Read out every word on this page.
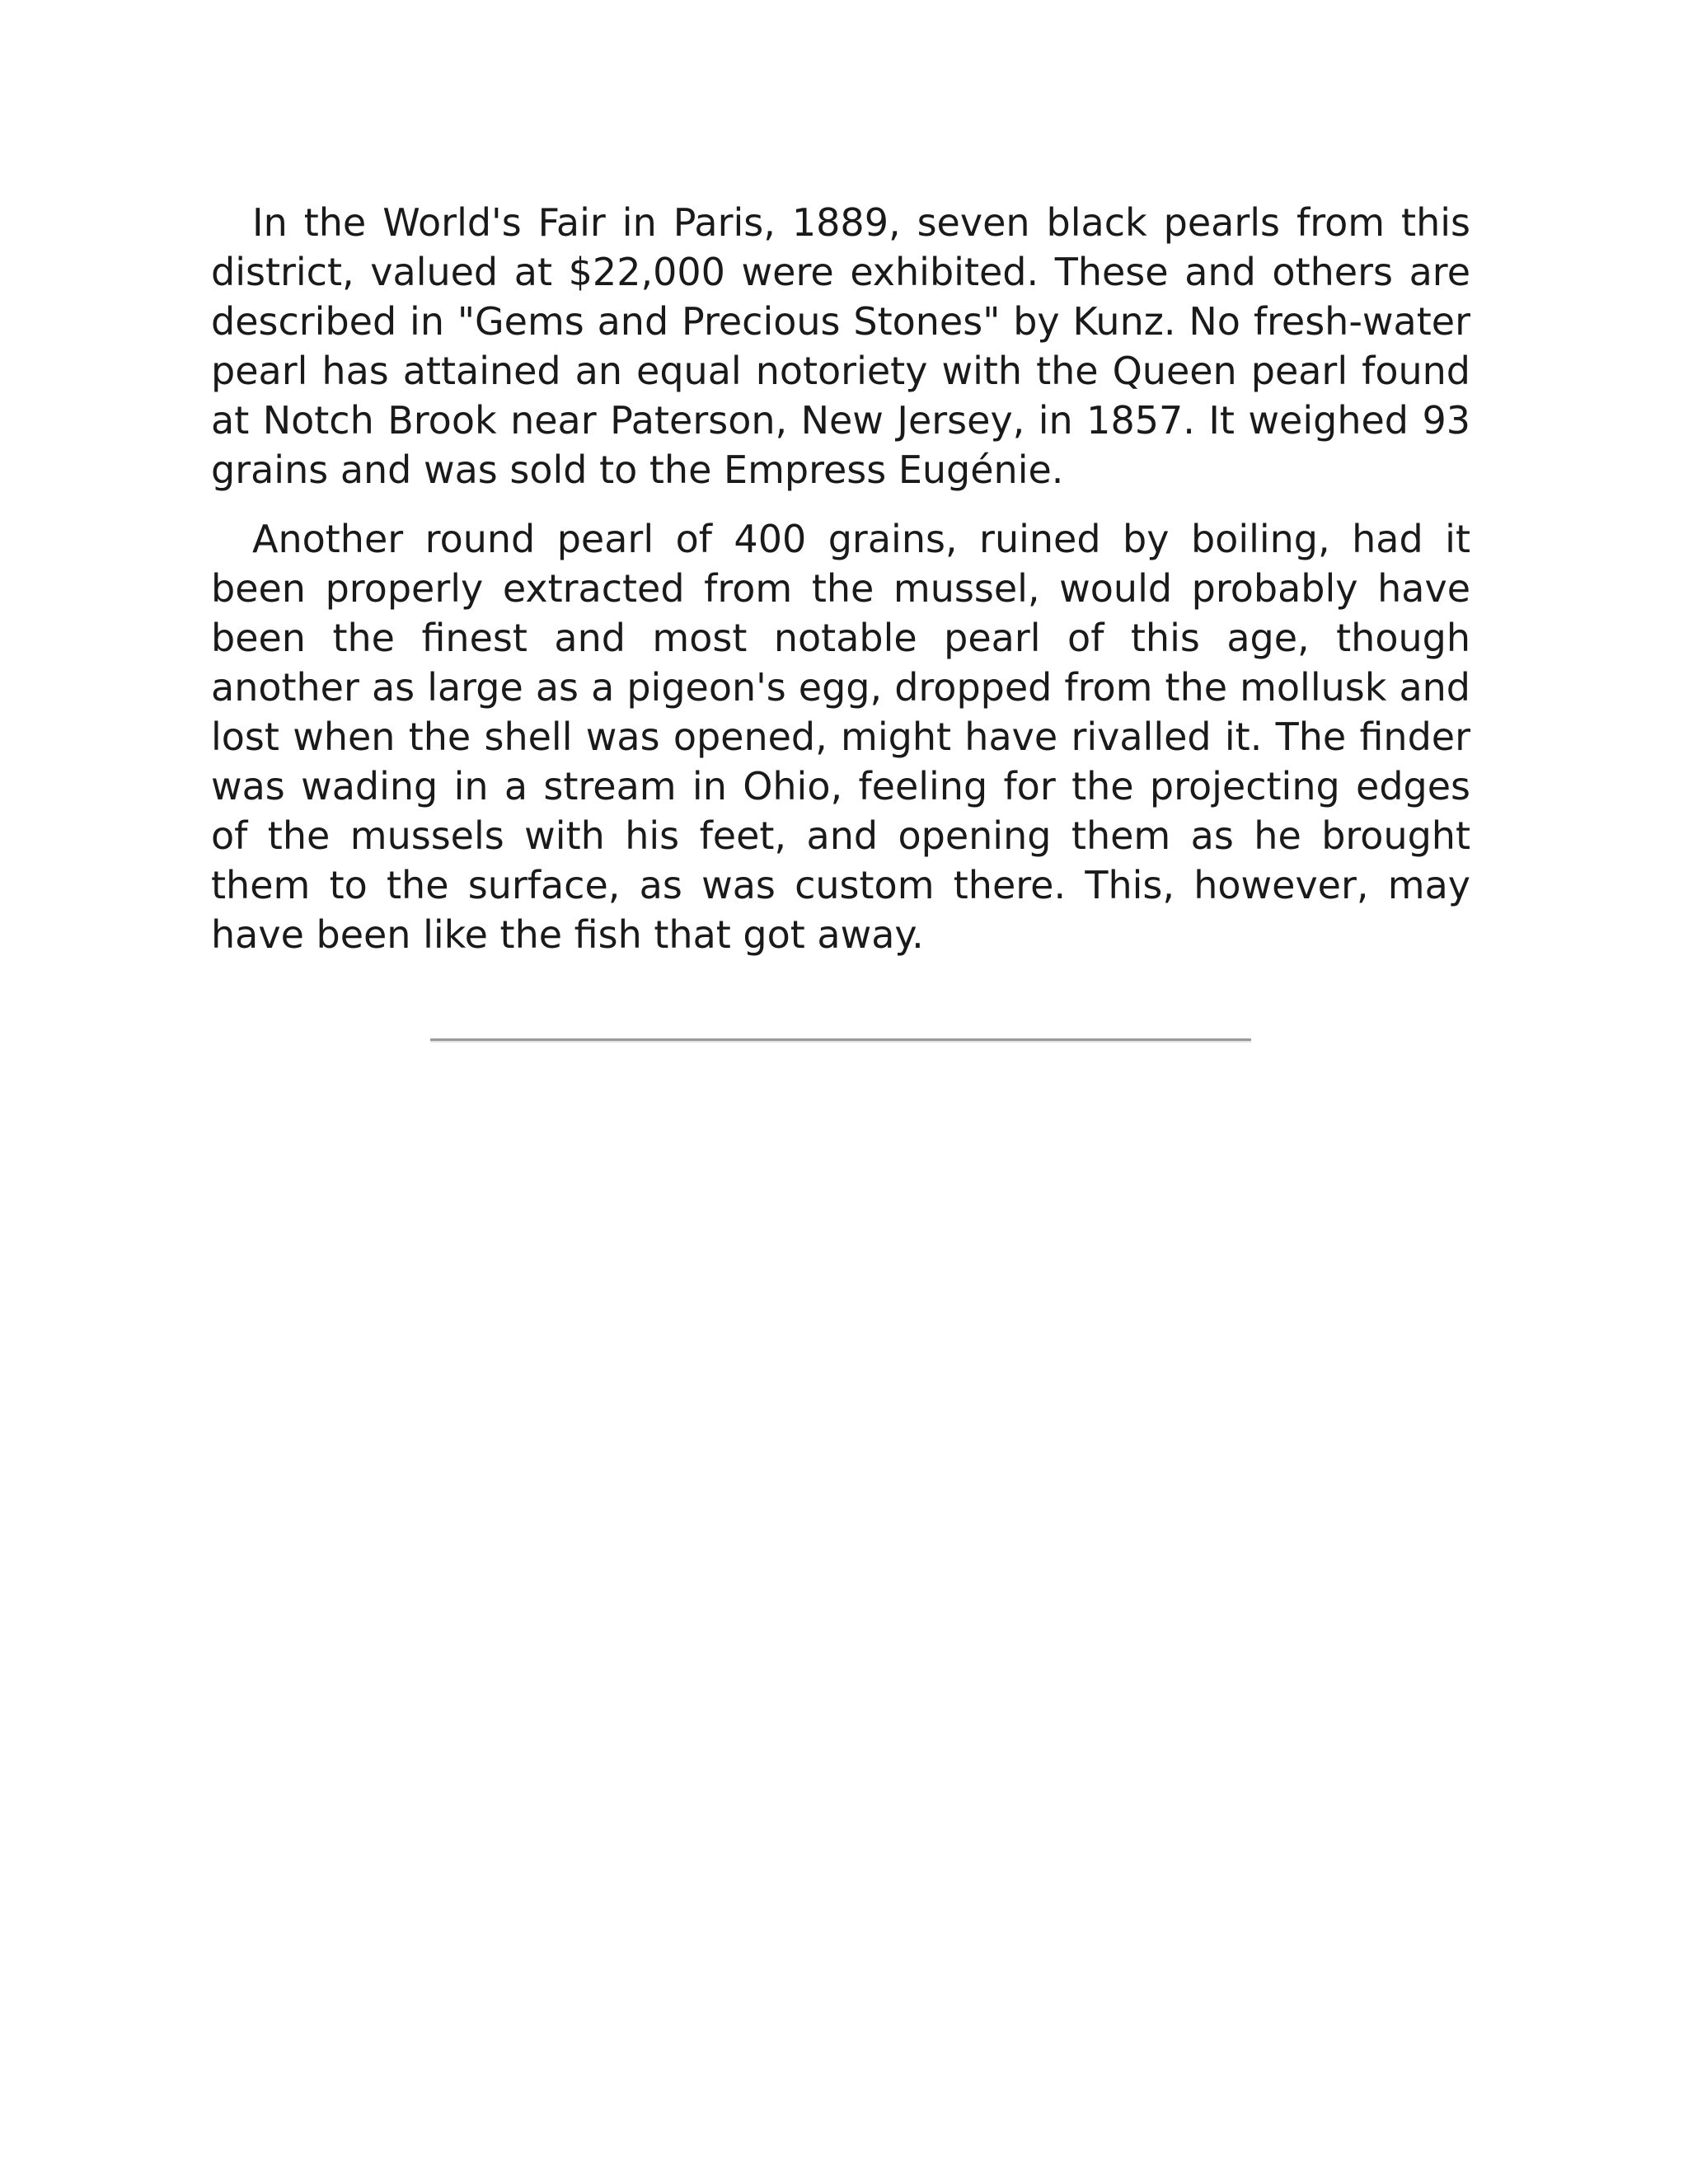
In the World's Fair in Paris, 1889, seven black pearls from this district, valued at $22,000 were exhibited. These and others are described in "Gems and Precious Stones" by Kunz. No fresh-water pearl has attained an equal notoriety with the Queen pearl found at Notch Brook near Paterson, New Jersey, in 1857. It weighed 93 grains and was sold to the Empress Eugénie.

Another round pearl of 400 grains, ruined by boiling, had it been properly extracted from the mussel, would probably have been the finest and most notable pearl of this age, though another as large as a pigeon's egg, dropped from the mollusk and lost when the shell was opened, might have rivalled it. The finder was wading in a stream in Ohio, feeling for the projecting edges of the mussels with his feet, and opening them as he brought them to the surface, as was custom there. This, however, may have been like the fish that got away.
